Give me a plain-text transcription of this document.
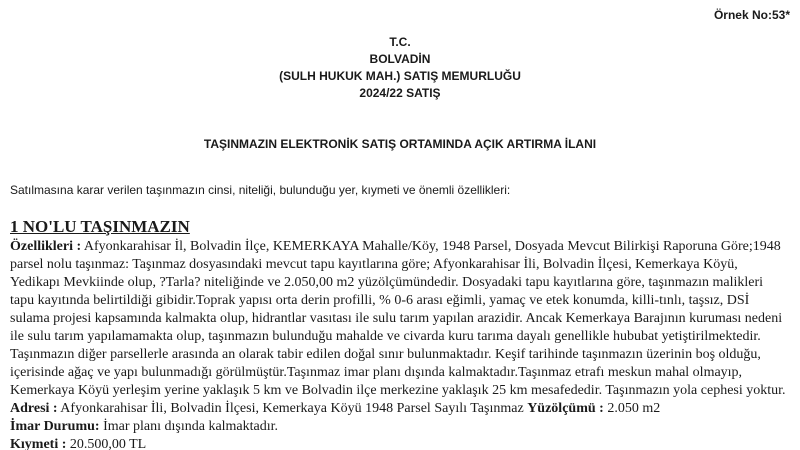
Örnek No:53*
T.C.
BOLVADİN
(SULH HUKUK MAH.) SATIŞ MEMURLUĞU
2024/22 SATIŞ
TAŞINMAZIN ELEKTRONİK SATIŞ ORTAMINDA AÇIK ARTIRMA İLANI
Satılmasına karar verilen taşınmazın cinsi, niteliği, bulunduğu yer, kıymeti ve önemli özellikleri:
1 NO'LU TAŞINMAZIN

Özellikleri : Afyonkarahisar İl, Bolvadin İlçe, KEMERKAYA Mahalle/Köy, 1948 Parsel, Dosyada Mevcut Bilirkişi Raporuna Göre;1948 parsel nolu taşınmaz: Taşınmaz dosyasındaki mevcut tapu kayıtlarına göre; Afyonkarahisar İli, Bolvadin İlçesi, Kemerkaya Köyü, Yedikapı Mevkiinde olup, ?Tarla? niteliğinde ve 2.050,00 m2 yüzölçümündedir. Dosyadaki tapu kayıtlarına göre, taşınmazın malikleri tapu kayıtında belirtildiği gibidir.Toprak yapısı orta derin profilli, % 0-6 arası eğimli, yamaç ve etek konumda, killi-tınlı, taşsız, DSİ sulama projesi kapsamında kalmakta olup, hidrantlar vasıtası ile sulu tarım yapılan arazidir. Ancak Kemerkaya Barajının kuruması nedeni ile sulu tarım yapılamamakta olup, taşınmazın bulunduğu mahalde ve civarda kuru tarıma dayalı genellikle hububat yetiştirilmektedir. Taşınmazın diğer parsellerle arasında an olarak tabir edilen doğal sınır bulunmaktadır. Keşif tarihinde taşınmazın üzerinin boş olduğu, içerisinde ağaç ve yapı bulunmadığı görülmüştür.Taşınmaz imar planı dışında kalmaktadır.Taşınmaz etrafı meskun mahal olmayıp, Kemerkaya Köyü yerleşim yerine yaklaşık 5 km ve Bolvadin ilçe merkezine yaklaşık 25 km mesafededir. Taşınmazın yola cephesi yoktur.

Adresi : Afyonkarahisar İli, Bolvadin İlçesi, Kemerkaya Köyü 1948 Parsel Sayılı Taşınmaz Yüzölçümü : 2.050 m2

İmar Durumu: İmar planı dışında kalmaktadır.

Kıymeti : 20.500,00 TL
